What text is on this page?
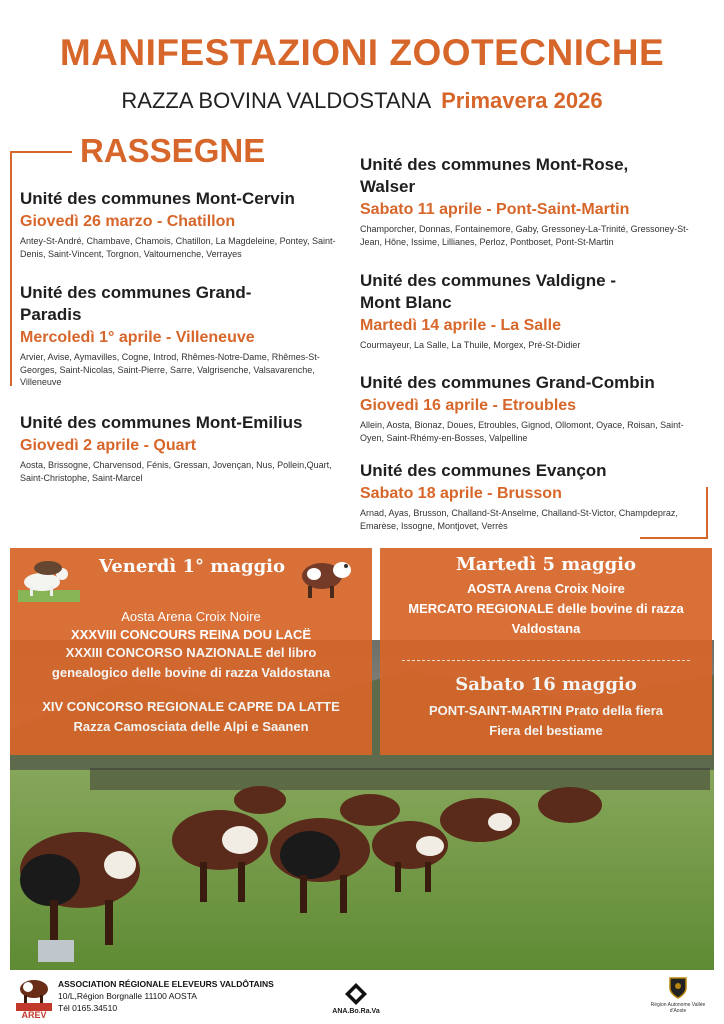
MANIFESTAZIONI ZOOTECNICHE
RAZZA BOVINA VALDOSTANA Primavera 2026
RASSEGNE
Unité des communes Mont-Cervin
Giovedì 26 marzo - Chatillon
Antey-St-André, Chambave, Chamois, Chatillon, La Magdeleine, Pontey, Saint-Denis, Saint-Vincent, Torgnon, Valtournenche, Verrayes
Unité des communes Grand-Paradis
Mercoledì 1° aprile - Villeneuve
Arvier, Avise, Aymavilles, Cogne, Introd, Rhêmes-Notre-Dame, Rhêmes-St-Georges, Saint-Nicolas, Saint-Pierre, Sarre, Valgrisenche, Valsavarenche, Villeneuve
Unité des communes Mont-Emilius
Giovedì 2 aprile - Quart
Aosta, Brissogne, Charvensod, Fénis, Gressan, Jovençan, Nus, Pollein,Quart, Saint-Christophe, Saint-Marcel
Unité des communes Mont-Rose, Walser
Sabato 11 aprile - Pont-Saint-Martin
Champorcher, Donnas, Fontainemore, Gaby, Gressoney-La-Trinité, Gressoney-St-Jean, Hône, Issime, Lillianes, Perloz, Pontboset, Pont-St-Martin
Unité des communes Valdigne - Mont Blanc
Martedì 14 aprile - La Salle
Courmayeur, La Salle, La Thuile, Morgex, Pré-St-Didier
Unité des communes Grand-Combin
Giovedì 16 aprile - Etroubles
Allein, Aosta, Bionaz, Doues, Etroubles, Gignod, Ollomont, Oyace, Roisan, Saint-Oyen, Saint-Rhémy-en-Bosses, Valpelline
Unité des communes Evançon
Sabato 18 aprile - Brusson
Arnad, Ayas, Brusson, Challand-St-Anselme, Challand-St-Victor, Champdepraz, Emarèse, Issogne, Montjovet, Verrès
Venerdì 1° maggio
Aosta Arena Croix Noire
XXXVIII CONCOURS REINA DOU LACË
XXXIII CONCORSO NAZIONALE del libro
genealogico delle bovine di razza Valdostana
XIV CONCORSO REGIONALE CAPRE DA LATTE
Razza Camosciata delle Alpi e Saanen
Martedì 5 maggio
AOSTA Arena Croix Noire
MERCATO REGIONALE delle bovine di razza
Valdostana
Sabato 16 maggio
PONT-SAINT-MARTIN Prato della fiera
Fiera del bestiame
AREV
ASSOCIATION RÉGIONALE ELEVEURS VALDÔTAINS
10/L,Région Borgnalle 11100 AOSTA
Tél 0165.34510	ANA.Bo.Ra.Va
Région Autonome Vallée d'Aoste
